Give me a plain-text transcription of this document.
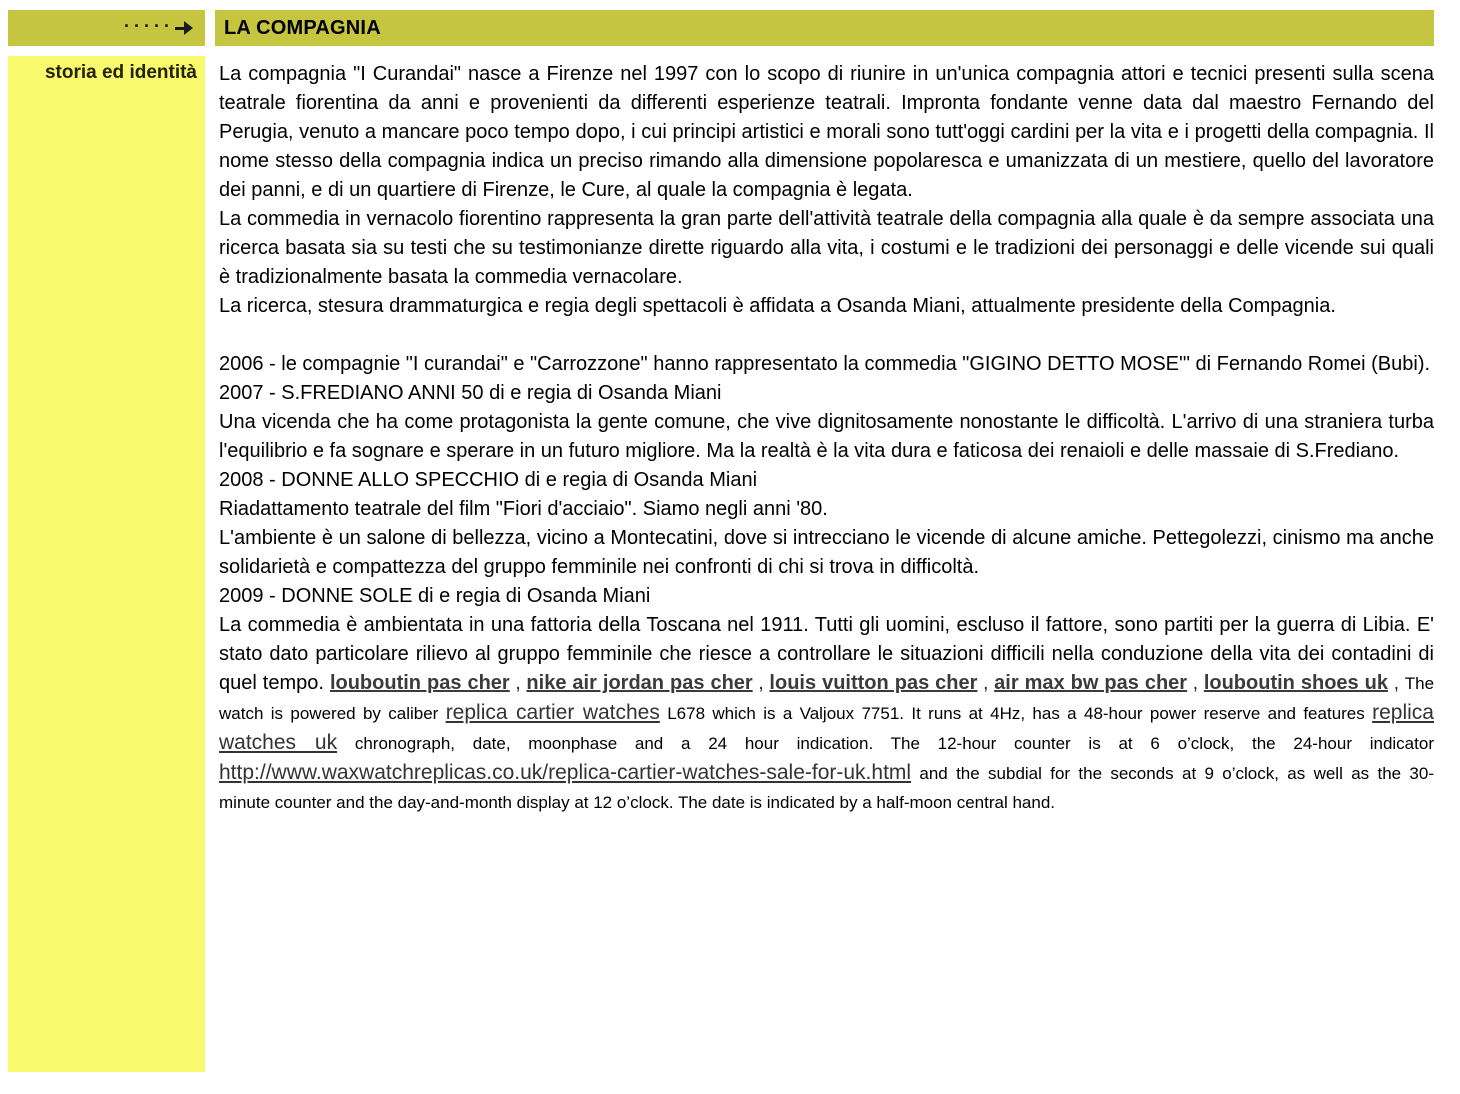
·····	LA COMPAGNIA
storia ed identità	La compagnia "I Curandai" nasce a Firenze nel 1997 con lo scopo di riunire in un'unica compagnia attori e tecnici presenti sulla scena teatrale fiorentina da anni e provenienti da differenti esperienze teatrali. Impronta fondante venne data dal maestro Fernando del Perugia, venuto a mancare poco tempo dopo, i cui principi artistici e morali sono tutt'oggi cardini per la vita e i progetti della compagnia. Il nome stesso della compagnia indica un preciso rimando alla dimensione popolaresca e umanizzata di un mestiere, quello del lavoratore dei panni, e di un quartiere di Firenze, le Cure, al quale la compagnia è legata.
La commedia in vernacolo fiorentino rappresenta la gran parte dell'attività teatrale della compagnia alla quale è da sempre associata una ricerca basata sia su testi che su testimonianze dirette riguardo alla vita, i costumi e le tradizioni dei personaggi e delle vicende sui quali è tradizionalmente basata la commedia vernacolare.
La ricerca, stesura drammaturgica e regia degli spettacoli è affidata a Osanda Miani, attualmente presidente della Compagnia.
2006 - le compagnie "I curandai" e "Carrozzone" hanno rappresentato la commedia "GIGINO DETTO MOSE'" di Fernando Romei (Bubi).
2007 - S.FREDIANO ANNI 50 di e regia di Osanda Miani
Una vicenda che ha come protagonista la gente comune, che vive dignitosamente nonostante le difficoltà. L'arrivo di una straniera turba l'equilibrio e fa sognare e sperare in un futuro migliore. Ma la realtà è la vita dura e faticosa dei renaioli e delle massaie di S.Frediano.
2008 - DONNE ALLO SPECCHIO di e regia di Osanda Miani
Riadattamento teatrale del film "Fiori d'acciaio". Siamo negli anni '80.
L'ambiente è un salone di bellezza, vicino a Montecatini, dove si intrecciano le vicende di alcune amiche. Pettegolezzi, cinismo ma anche solidarietà e compattezza del gruppo femminile nei confronti di chi si trova in difficoltà.
2009 - DONNE SOLE di e regia di Osanda Miani
La commedia è ambientata in una fattoria della Toscana nel 1911. Tutti gli uomini, escluso il fattore, sono partiti per la guerra di Libia. E' stato dato particolare rilievo al gruppo femminile che riesce a controllare le situazioni difficili nella conduzione della vita dei contadini di quel tempo. louboutin pas cher , nike air jordan pas cher , louis vuitton pas cher , air max bw pas cher , louboutin shoes uk , The watch is powered by caliber replica cartier watches L678 which is a Valjoux 7751. It runs at 4Hz, has a 48-hour power reserve and features replica watches uk chronograph, date, moonphase and a 24 hour indication. The 12-hour counter is at 6 o’clock, the 24-hour indicator http://www.waxwatchreplicas.co.uk/replica-cartier-watches-sale-for-uk.html and the subdial for the seconds at 9 o’clock, as well as the 30-minute counter and the day-and-month display at 12 o’clock. The date is indicated by a half-moon central hand.
